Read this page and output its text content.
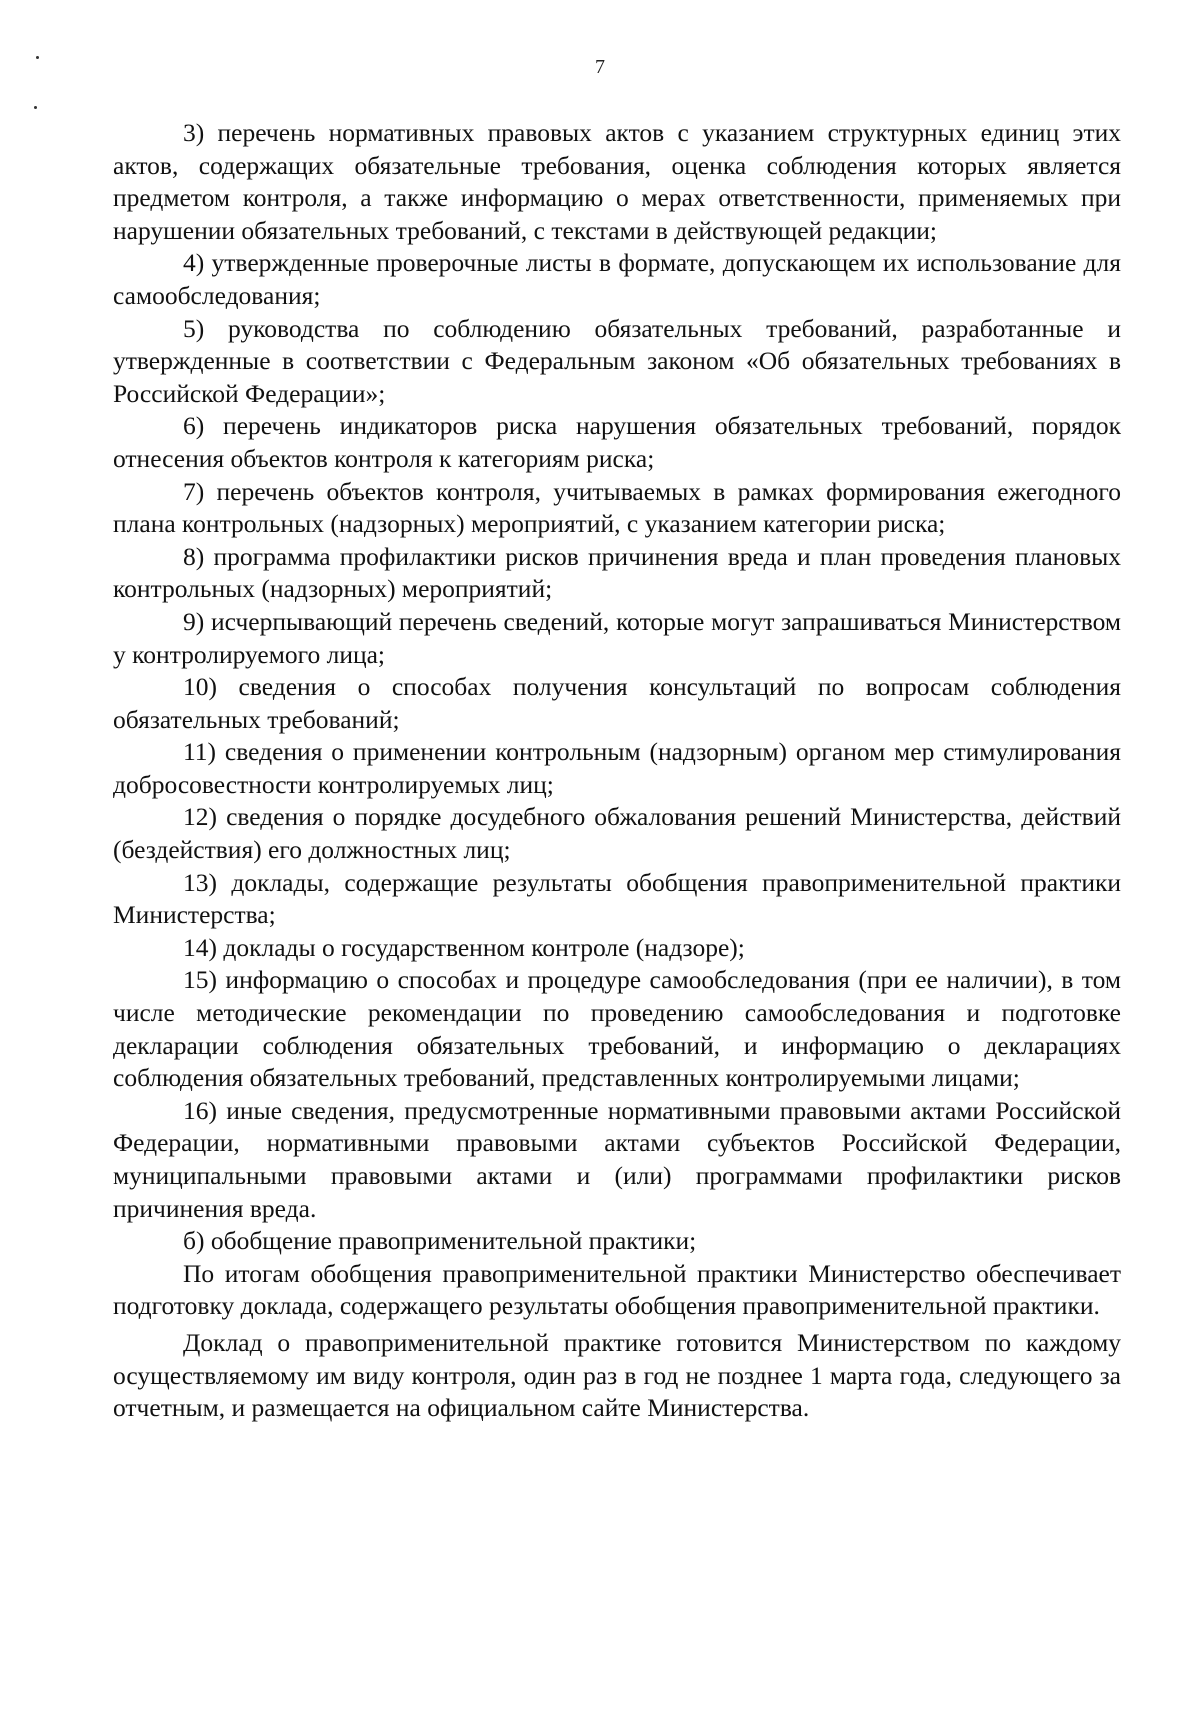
7

3) перечень нормативных правовых актов с указанием структурных единиц этих актов, содержащих обязательные требования, оценка соблюдения которых является предметом контроля, а также информацию о мерах ответственности, применяемых при нарушении обязательных требований, с текстами в действующей редакции;

4) утвержденные проверочные листы в формате, допускающем их использование для самообследования;

5) руководства по соблюдению обязательных требований, разработанные и утвержденные в соответствии с Федеральным законом «Об обязательных требованиях в Российской Федерации»;

6) перечень индикаторов риска нарушения обязательных требований, порядок отнесения объектов контроля к категориям риска;

7) перечень объектов контроля, учитываемых в рамках формирования ежегодного плана контрольных (надзорных) мероприятий, с указанием категории риска;

8) программа профилактики рисков причинения вреда и план проведения плановых контрольных (надзорных) мероприятий;

9) исчерпывающий перечень сведений, которые могут запрашиваться Министерством у контролируемого лица;

10) сведения о способах получения консультаций по вопросам соблюдения обязательных требований;

11) сведения о применении контрольным (надзорным) органом мер стимулирования добросовестности контролируемых лиц;

12) сведения о порядке досудебного обжалования решений Министерства, действий (бездействия) его должностных лиц;

13) доклады, содержащие результаты обобщения правоприменительной практики Министерства;

14) доклады о государственном контроле (надзоре);

15) информацию о способах и процедуре самообследования (при ее наличии), в том числе методические рекомендации по проведению самообследования и подготовке декларации соблюдения обязательных требований, и информацию о декларациях соблюдения обязательных требований, представленных контролируемыми лицами;

16) иные сведения, предусмотренные нормативными правовыми актами Российской Федерации, нормативными правовыми актами субъектов Российской Федерации, муниципальными правовыми актами и (или) программами профилактики рисков причинения вреда.

б) обобщение правоприменительной практики;

По итогам обобщения правоприменительной практики Министерство обеспечивает подготовку доклада, содержащего результаты обобщения правоприменительной практики.

Доклад о правоприменительной практике готовится Министерством по каждому осуществляемому им виду контроля, один раз в год не позднее 1 марта года, следующего за отчетным, и размещается на официальном сайте Министерства.
